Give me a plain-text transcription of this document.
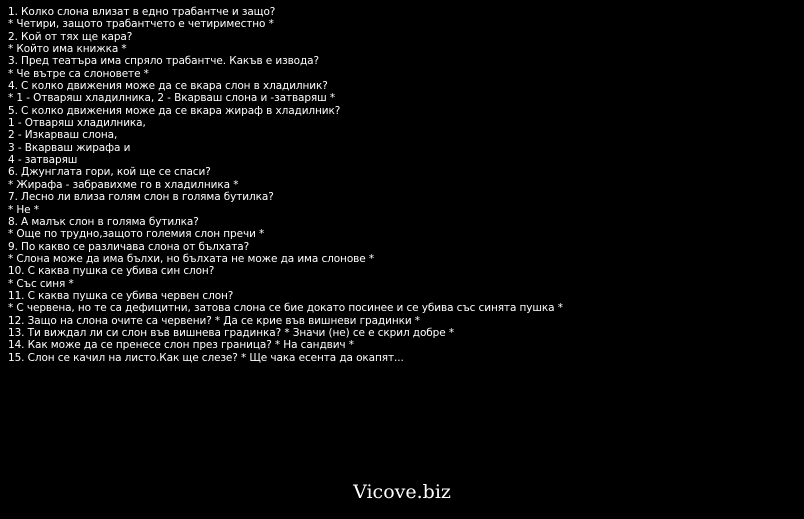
1. Колко слона влизат в едно трабантче и защо?
* Четири, защото трабантчето е четириместно *
2. Кой от тях ще кара?
* Който има книжка *
3. Пред театъра има спряло трабантче. Какъв е извода?
* Че вътре са слоновете *
4. С колко движения може да се вкара слон в хладилник?
* 1 - Отваряш хладилника, 2 - Вкарваш слона и -затваряш *
5. С колко движения може да се вкара жираф в хладилник?
1 - Отваряш хладилника,
2 - Изкарваш слона,
3 - Вкарваш жирафа и
4 - затваряш
6. Джунглата гори, кой ще се спаси?
* Жирафа - забравихме го в хладилника *
7. Лесно ли влиза голям слон в голяма бутилка?
* Не *
8. А малък слон в голяма бутилка?
* Още по трудно,защото големия слон пречи *
9. По какво се различава слона от бълхата?
* Слона може да има бълхи, но бълхата не може да има слонове *
10. С каква пушка се убива син слон?
* Със синя *
11. С каква пушка се убива червен слон?
* С червена, но те са дефицитни, затова слона се бие докато посинее и се убива със синята пушка *
12. Защо на слона очите са червени? * Да се крие във вишневи градинки *
13. Ти виждал ли си слон във вишнева градинка? * Значи (не) се е скрил добре *
14. Как може да се пренесе слон през граница? * На сандвич *
15. Слон се качил на листо.Как ще слезе? * Ще чака есента да окапят...
Vicove.biz
